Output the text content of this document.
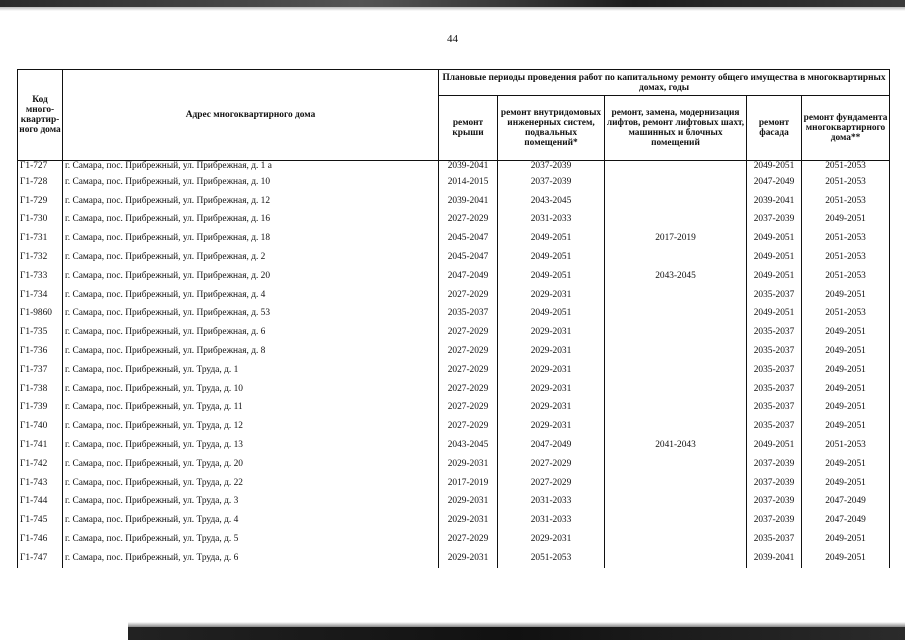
44
Код много-квартир-ного дома	Адрес многоквартирного дома	Плановые периоды проведения работ по капитальному ремонту общего имущества в многоквартирных домах, годы				
		ремонт крыши	ремонт внутридомовых инженерных систем, подвальных помещений*	ремонт, замена, модернизация лифтов, ремонт лифтовых шахт, машинных и блочных помещений	ремонт фасада	ремонт фундамента многоквартирного дома**
Г1-727	г. Самара, пос. Прибрежный, ул. Прибрежная, д. 1 а	2039-2041	2037-2039		2049-2051	2051-2053
Г1-728	г. Самара, пос. Прибрежный, ул. Прибрежная, д. 10	2014-2015	2037-2039		2047-2049	2051-2053
Г1-729	г. Самара, пос. Прибрежный, ул. Прибрежная, д. 12	2039-2041	2043-2045		2039-2041	2051-2053
Г1-730	г. Самара, пос. Прибрежный, ул. Прибрежная, д. 16	2027-2029	2031-2033		2037-2039	2049-2051
Г1-731	г. Самара, пос. Прибрежный, ул. Прибрежная, д. 18	2045-2047	2049-2051	2017-2019	2049-2051	2051-2053
Г1-732	г. Самара, пос. Прибрежный, ул. Прибрежная, д. 2	2045-2047	2049-2051		2049-2051	2051-2053
Г1-733	г. Самара, пос. Прибрежный, ул. Прибрежная, д. 20	2047-2049	2049-2051	2043-2045	2049-2051	2051-2053
Г1-734	г. Самара, пос. Прибрежный, ул. Прибрежная, д. 4	2027-2029	2029-2031		2035-2037	2049-2051
Г1-9860	г. Самара, пос. Прибрежный, ул. Прибрежная, д. 53	2035-2037	2049-2051		2049-2051	2051-2053
Г1-735	г. Самара, пос. Прибрежный, ул. Прибрежная, д. 6	2027-2029	2029-2031		2035-2037	2049-2051
Г1-736	г. Самара, пос. Прибрежный, ул. Прибрежная, д. 8	2027-2029	2029-2031		2035-2037	2049-2051
Г1-737	г. Самара, пос. Прибрежный, ул. Труда, д. 1	2027-2029	2029-2031		2035-2037	2049-2051
Г1-738	г. Самара, пос. Прибрежный, ул. Труда, д. 10	2027-2029	2029-2031		2035-2037	2049-2051
Г1-739	г. Самара, пос. Прибрежный, ул. Труда, д. 11	2027-2029	2029-2031		2035-2037	2049-2051
Г1-740	г. Самара, пос. Прибрежный, ул. Труда, д. 12	2027-2029	2029-2031		2035-2037	2049-2051
Г1-741	г. Самара, пос. Прибрежный, ул. Труда, д. 13	2043-2045	2047-2049	2041-2043	2049-2051	2051-2053
Г1-742	г. Самара, пос. Прибрежный, ул. Труда, д. 20	2029-2031	2027-2029		2037-2039	2049-2051
Г1-743	г. Самара, пос. Прибрежный, ул. Труда, д. 22	2017-2019	2027-2029		2037-2039	2049-2051
Г1-744	г. Самара, пос. Прибрежный, ул. Труда, д. 3	2029-2031	2031-2033		2037-2039	2047-2049
Г1-745	г. Самара, пос. Прибрежный, ул. Труда, д. 4	2029-2031	2031-2033		2037-2039	2047-2049
Г1-746	г. Самара, пос. Прибрежный, ул. Труда, д. 5	2027-2029	2029-2031		2035-2037	2049-2051
Г1-747	г. Самара, пос. Прибрежный, ул. Труда, д. 6	2029-2031	2051-2053		2039-2041	2049-2051
